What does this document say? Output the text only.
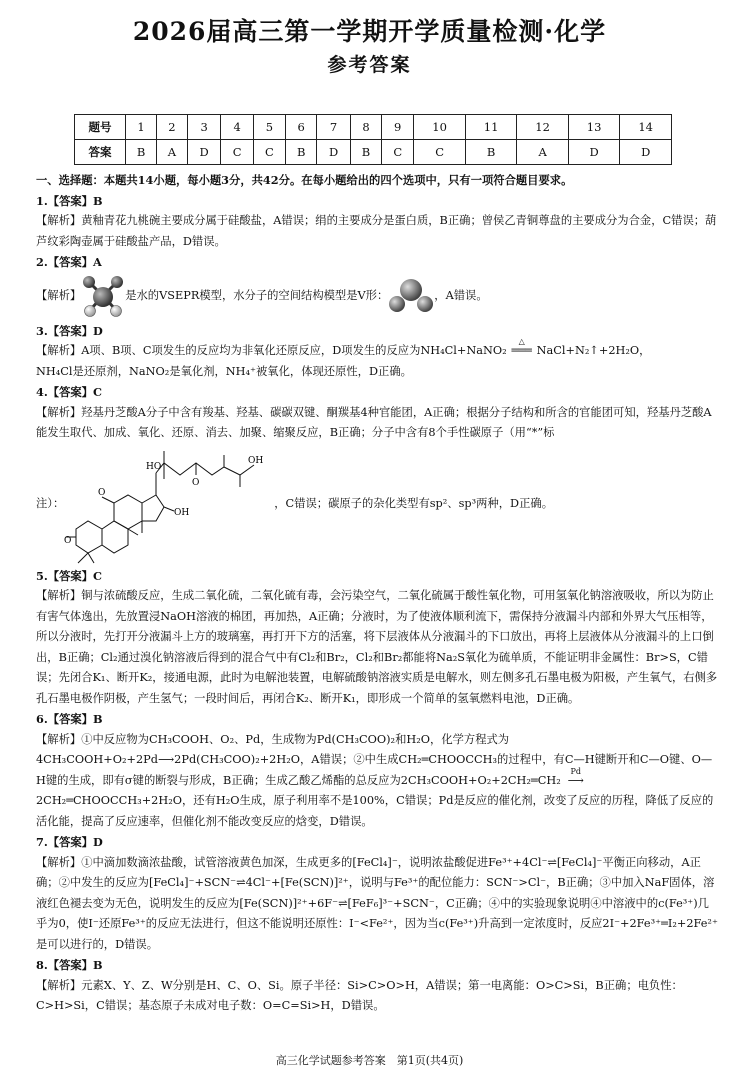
2026届高三第一学期开学质量检测·化学
参考答案
题号	1	2	3	4	5	6	7	8	9	10	11	12	13	14
答案	B	A	D	C	C	B	D	B	C	C	B	A	D	D

一、选择题：本题共14小题，每小题3分，共42分。在每小题给出的四个选项中，只有一项符合题目要求。

1.【答案】B

【解析】黄釉青花九桃碗主要成分属于硅酸盐，A错误；绢的主要成分是蛋白质，B正确；曾侯乙青铜尊盘的主要成分为合金，C错误；葫芦纹彩陶壶属于硅酸盐产品，D错误。

2.【答案】A

【解析】	是水的VSEPR模型，水分子的空间结构模型是V形：	，A错误。

3.【答案】D

【解析】A项、B项、C项发生的反应均为非氧化还原反应，D项发生的反应为NH₄Cl+NaNO₂
△
═══ NaCl+N₂↑+2H₂O，

NH₄Cl是还原剂，NaNO₂是氧化剂，NH₄⁺被氧化，体现还原性，D正确。

4.【答案】C

【解析】羟基丹芝酸A分子中含有羧基、羟基、碳碳双键、酮羰基4种官能团，A正确；根据分子结构和所含的官能团可知，羟基丹芝酸A能发生取代、加成、氧化、还原、消去、加聚、缩聚反应，B正确；分子中含有8个手性碳原子（用“*”标

注）：
HO
O
OH
O
O
OH
，C错误；碳原子的杂化类型有sp²、sp³两种，D正确。

5.【答案】C

【解析】铜与浓硫酸反应，生成二氧化硫，二氧化硫有毒，会污染空气，二氧化硫属于酸性氧化物，可用氢氧化钠溶液吸收，所以为防止有害气体逸出，先放置浸NaOH溶液的棉团，再加热，A正确；分液时，为了使液体顺利流下，需保持分液漏斗内部和外界大气压相等，所以分液时，先打开分液漏斗上方的玻璃塞，再打开下方的活塞，将下层液体从分液漏斗的下口放出，再将上层液体从分液漏斗的上口倒出，B正确；Cl₂通过溴化钠溶液后得到的混合气中有Cl₂和Br₂，Cl₂和Br₂都能将Na₂S氧化为硫单质，不能证明非金属性：Br>S，C错误；先闭合K₁、断开K₂，接通电源，此时为电解池装置，电解硫酸钠溶液实质是电解水，则左侧多孔石墨电极为阳极，产生氧气，右侧多孔石墨电极作阴极，产生氢气；一段时间后，再闭合K₂、断开K₁，即形成一个简单的氢氧燃料电池，D正确。

6.【答案】B

【解析】①中反应物为CH₃COOH、O₂、Pd，生成物为Pd(CH₃COO)₂和H₂O，化学方程式为4CH₃COOH+O₂+2Pd⟶2Pd(CH₃COO)₂+2H₂O，A错误；②中生成CH₂═CHOOCCH₃的过程中，有C—H键断开和C—O键、O—H键的生成，即有σ键的断裂与形成，B正确；生成乙酸乙烯酯的总反应为2CH₃COOH+O₂+2CH₂═CH₂
Pd
⟶2CH₂═CHOOCCH₃+2H₂O，还有H₂O生成，原子利用率不是100%，C错误；Pd是反应的催化剂，改变了反应的历程，降低了反应的活化能，提高了反应速率，但催化剂不能改变反应的焓变，D错误。

7.【答案】D

【解析】①中滴加数滴浓盐酸，试管溶液黄色加深，生成更多的[FeCl₄]⁻，说明浓盐酸促进Fe³⁺+4Cl⁻⇌[FeCl₄]⁻平衡正向移动，A正确；②中发生的反应为[FeCl₄]⁻+SCN⁻⇌4Cl⁻+[Fe(SCN)]²⁺，说明与Fe³⁺的配位能力：SCN⁻>Cl⁻，B正确；③中加入NaF固体，溶液红色褪去变为无色，说明发生的反应为[Fe(SCN)]²⁺+6F⁻⇌[FeF₆]³⁻+SCN⁻，C正确；④中的实验现象说明④中溶液中的c(Fe³⁺)几乎为0，使I⁻还原Fe³⁺的反应无法进行，但这不能说明还原性：I⁻<Fe²⁺，因为当c(Fe³⁺)升高到一定浓度时，反应2I⁻+2Fe³⁺═I₂+2Fe²⁺是可以进行的，D错误。

8.【答案】B

【解析】元素X、Y、Z、W分别是H、C、O、Si。原子半径：Si>C>O>H，A错误；第一电离能：O>C>Si，B正确；电负性：C>H>Si，C错误；基态原子未成对电子数：O=C=Si>H，D错误。

高三化学试题参考答案　第1页(共4页)
